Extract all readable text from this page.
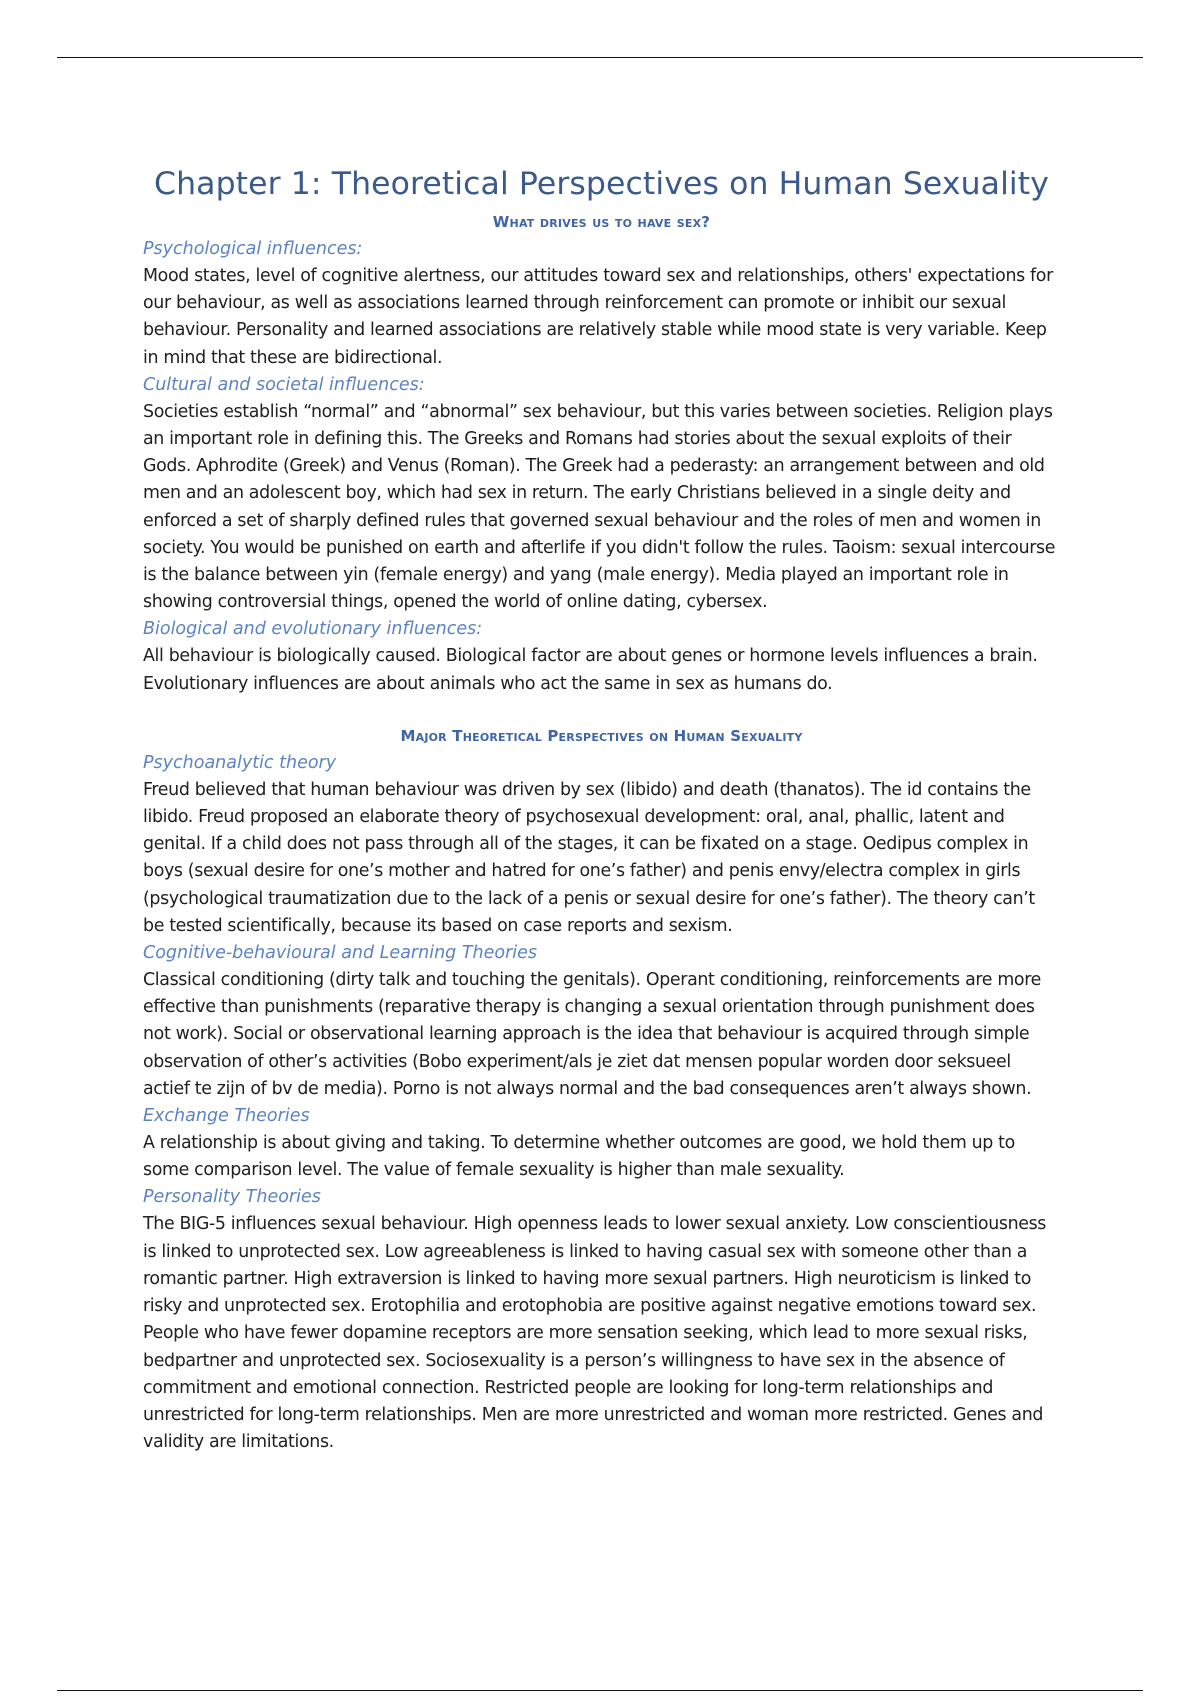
Chapter 1: Theoretical Perspectives on Human Sexuality
What drives us to have sex?
Psychological influences:

Mood states, level of cognitive alertness, our attitudes toward sex and relationships, others' expectations for our behaviour, as well as associations learned through reinforcement can promote or inhibit our sexual behaviour. Personality and learned associations are relatively stable while mood state is very variable. Keep in mind that these are bidirectional.

Cultural and societal influences:

Societies establish “normal” and “abnormal” sex behaviour, but this varies between societies. Religion plays an important role in defining this. The Greeks and Romans had stories about the sexual exploits of their Gods. Aphrodite (Greek) and Venus (Roman). The Greek had a pederasty: an arrangement between and old men and an adolescent boy, which had sex in return. The early Christians believed in a single deity and enforced a set of sharply defined rules that governed sexual behaviour and the roles of men and women in society. You would be punished on earth and afterlife if you didn't follow the rules. Taoism: sexual intercourse is the balance between yin (female energy) and yang (male energy). Media played an important role in showing controversial things, opened the world of online dating, cybersex.

Biological and evolutionary influences:

All behaviour is biologically caused. Biological factor are about genes or hormone levels influences a brain. Evolutionary influences are about animals who act the same in sex as humans do.

Major Theoretical Perspectives on Human Sexuality
Psychoanalytic theory

Freud believed that human behaviour was driven by sex (libido) and death (thanatos). The id contains the libido. Freud proposed an elaborate theory of psychosexual development: oral, anal, phallic, latent and genital. If a child does not pass through all of the stages, it can be fixated on a stage. Oedipus complex in boys (sexual desire for one’s mother and hatred for one’s father) and penis envy/electra complex in girls (psychological traumatization due to the lack of a penis or sexual desire for one’s father). The theory can’t be tested scientifically, because its based on case reports and sexism.

Cognitive-behavioural and Learning Theories

Classical conditioning (dirty talk and touching the genitals). Operant conditioning, reinforcements are more effective than punishments (reparative therapy is changing a sexual orientation through punishment does not work). Social or observational learning approach is the idea that behaviour is acquired through simple observation of other’s activities (Bobo experiment/als je ziet dat mensen popular worden door seksueel actief te zijn of bv de media). Porno is not always normal and the bad consequences aren’t always shown.

Exchange Theories

A relationship is about giving and taking. To determine whether outcomes are good, we hold them up to some comparison level. The value of female sexuality is higher than male sexuality.

Personality Theories

The BIG-5 influences sexual behaviour. High openness leads to lower sexual anxiety. Low conscientiousness is linked to unprotected sex. Low agreeableness is linked to having casual sex with someone other than a romantic partner. High extraversion is linked to having more sexual partners. High neuroticism is linked to risky and unprotected sex. Erotophilia and erotophobia are positive against negative emotions toward sex. People who have fewer dopamine receptors are more sensation seeking, which lead to more sexual risks, bedpartner and unprotected sex. Sociosexuality is a person’s willingness to have sex in the absence of commitment and emotional connection. Restricted people are looking for long-term relationships and unrestricted for long-term relationships. Men are more unrestricted and woman more restricted. Genes and validity are limitations.
